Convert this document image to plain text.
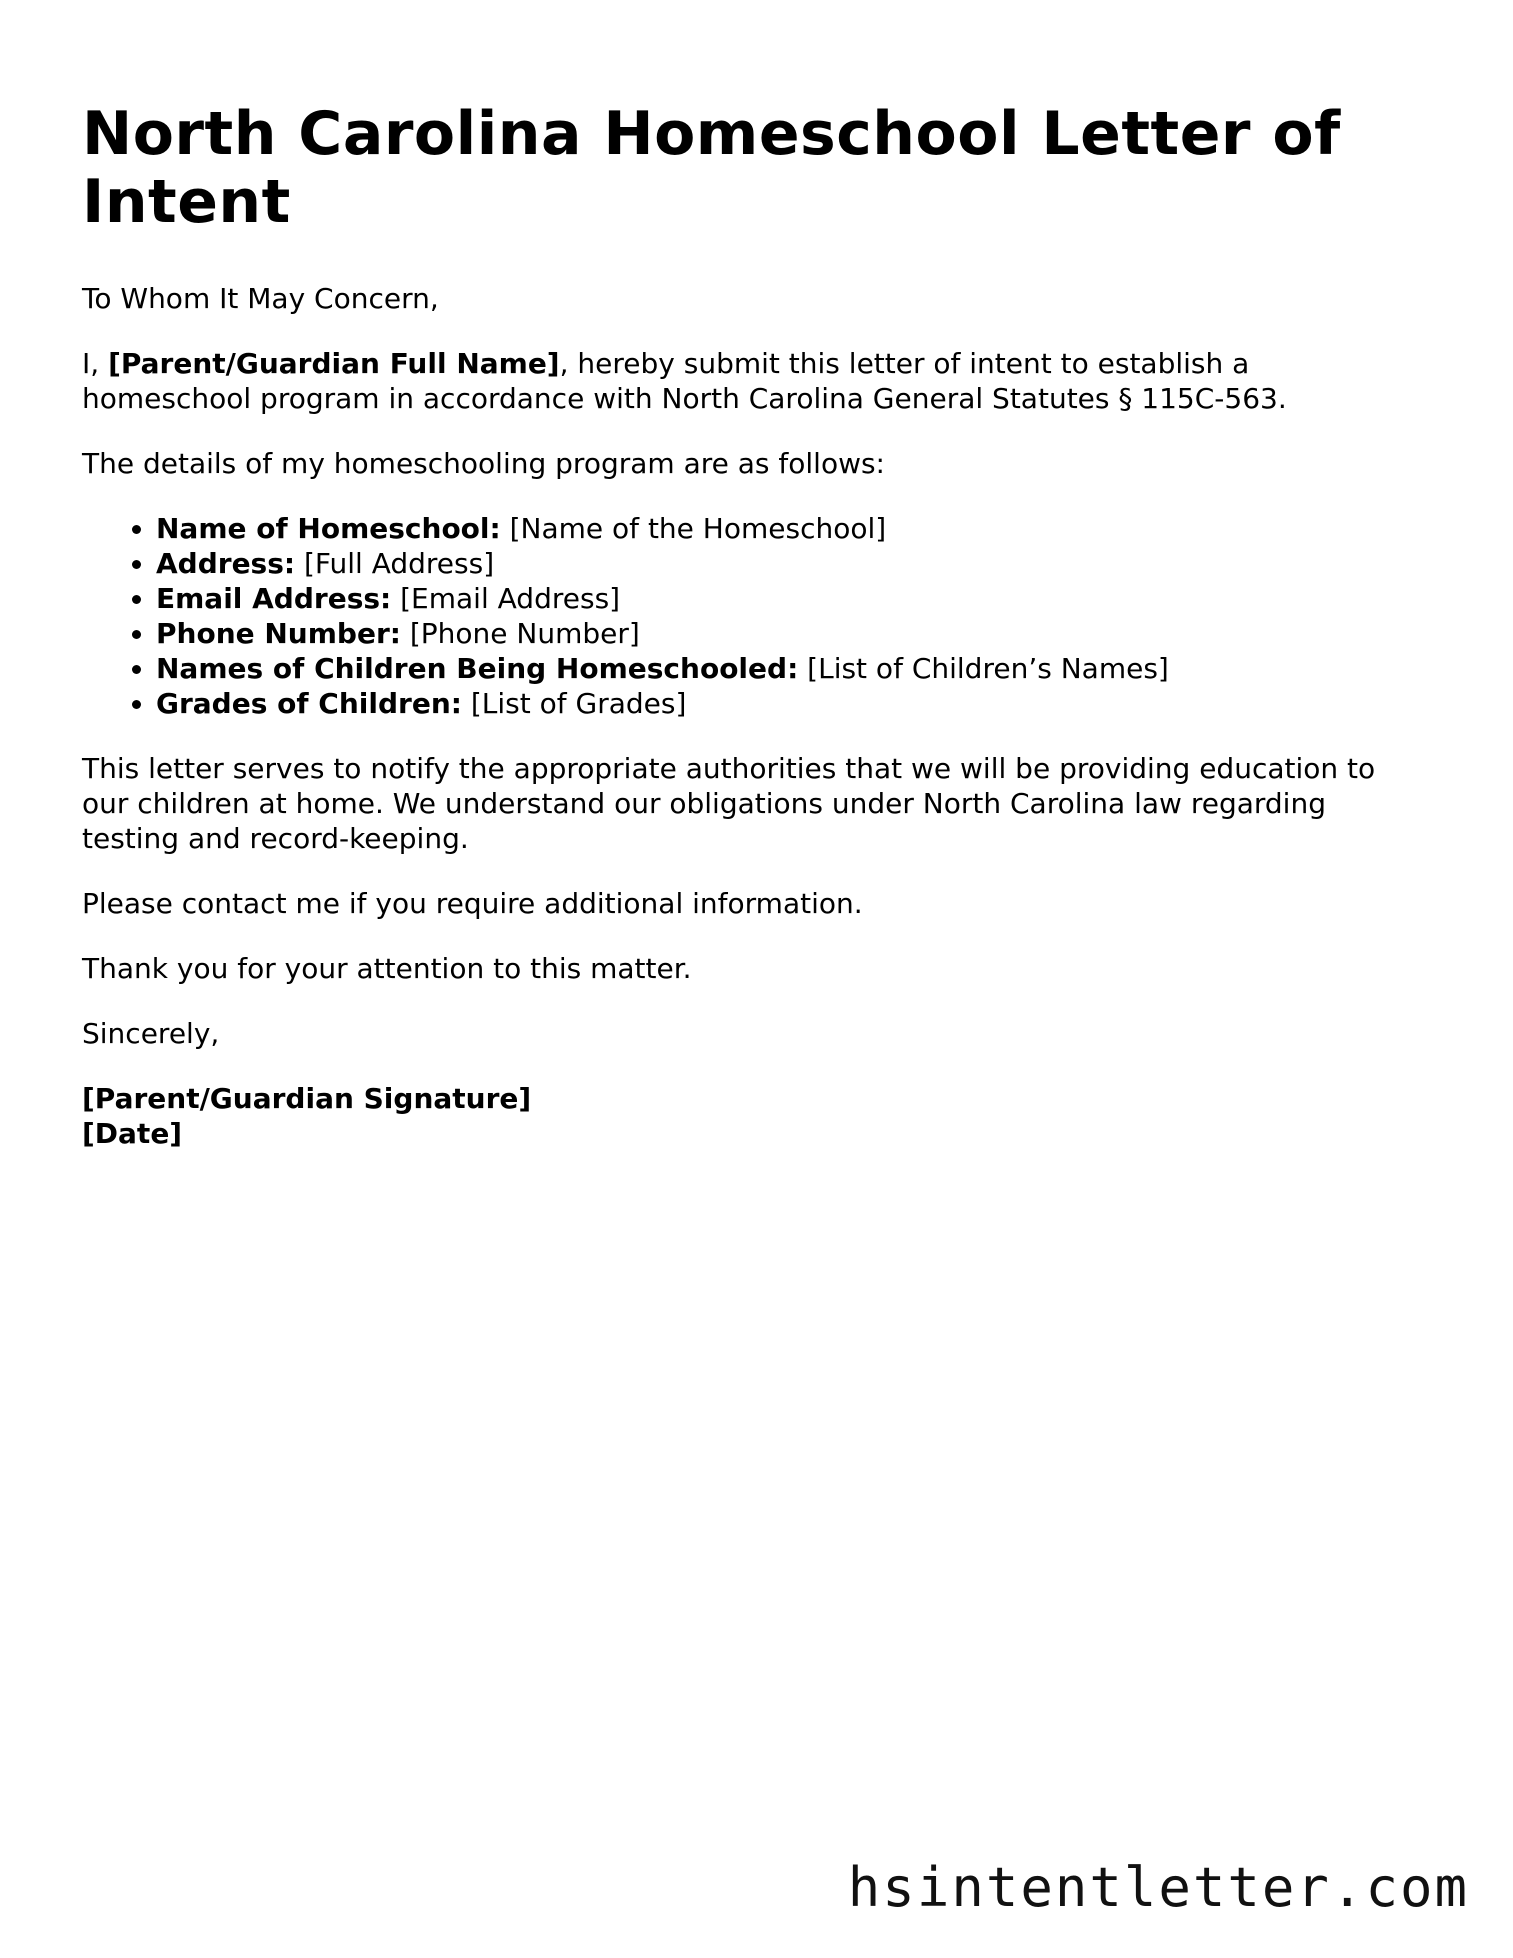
North Carolina Homeschool Letter of Intent

To Whom It May Concern,

I, [Parent/Guardian Full Name], hereby submit this letter of intent to establish a homeschool program in accordance with North Carolina General Statutes § 115C-563.

The details of my homeschooling program are as follows:

• Name of Homeschool: [Name of the Homeschool]
• Address: [Full Address]
• Email Address: [Email Address]
• Phone Number: [Phone Number]
• Names of Children Being Homeschooled: [List of Children’s Names]
• Grades of Children: [List of Grades]

This letter serves to notify the appropriate authorities that we will be providing education to our children at home. We understand our obligations under North Carolina law regarding testing and record-keeping.

Please contact me if you require additional information.

Thank you for your attention to this matter.

Sincerely,

[Parent/Guardian Signature]
[Date]
hsintentletter.com
